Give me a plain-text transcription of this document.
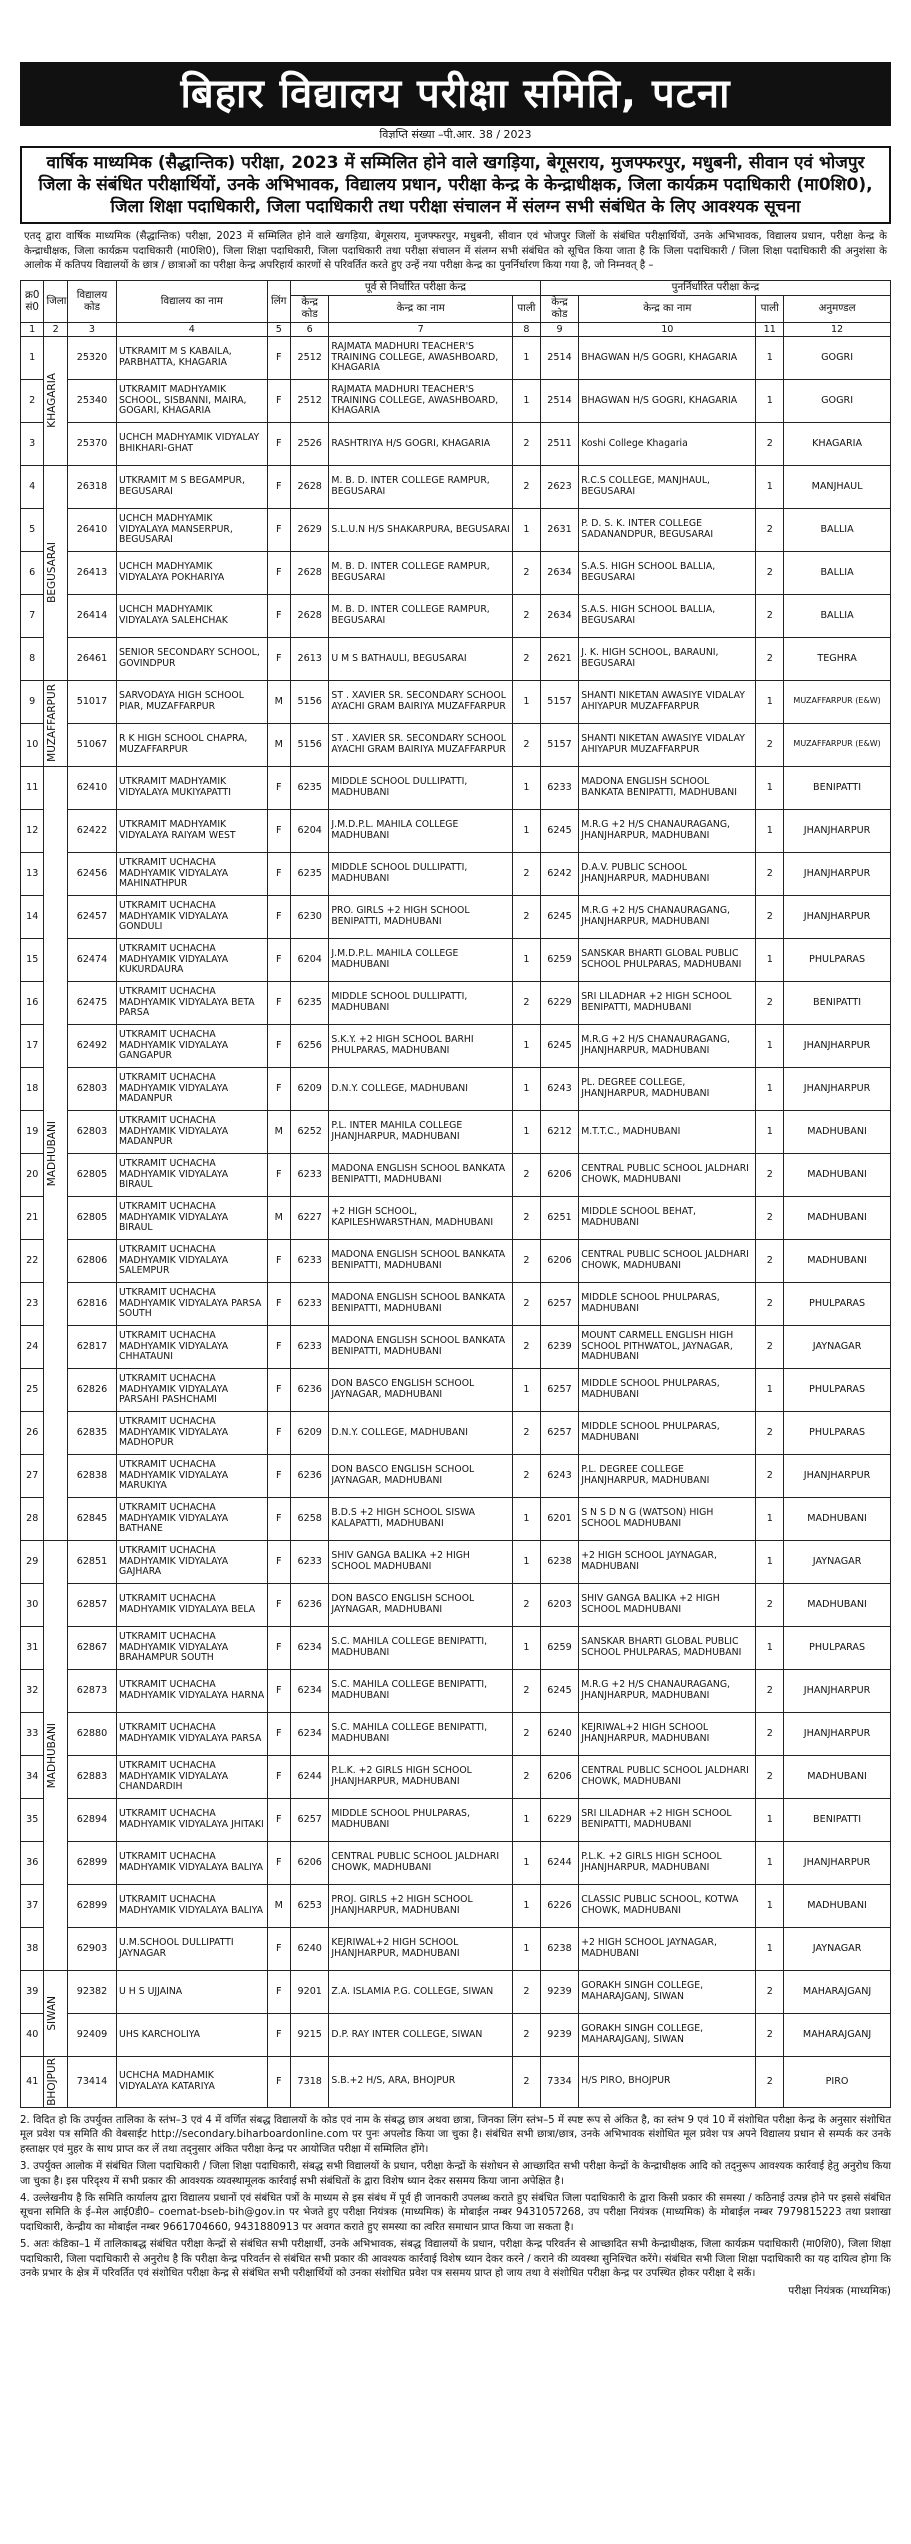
बिहार विद्यालय परीक्षा समिति, पटना
विज्ञप्ति संख्या –पी.आर. 38 / 2023
वार्षिक माध्यमिक (सैद्धान्तिक) परीक्षा, 2023 में सम्मिलित होने वाले खगड़िया, बेगूसराय, मुजफ्फरपुर, मधुबनी, सीवान एवं भोजपुर जिला के संबंधित परीक्षार्थियों, उनके अभिभावक, विद्यालय प्रधान, परीक्षा केन्द्र के केन्द्राधीक्षक, जिला कार्यक्रम पदाधिकारी (मा0शि0), जिला शिक्षा पदाधिकारी, जिला पदाधिकारी तथा परीक्षा संचालन में संलग्न सभी संबंधित के लिए आवश्यक सूचना
एतद् द्वारा वार्षिक माध्यमिक (सैद्धान्तिक) परीक्षा, 2023 में सम्मिलित होने वाले खगड़िया, बेगूसराय, मुजफ्फरपुर, मधुबनी, सीवान एवं भोजपुर जिलों के संबंधित परीक्षार्थियों, उनके अभिभावक, विद्यालय प्रधान, परीक्षा केन्द्र के केन्द्राधीक्षक, जिला कार्यक्रम पदाधिकारी (मा0शि0), जिला शिक्षा पदाधिकारी, जिला पदाधिकारी तथा परीक्षा संचालन में संलग्न सभी संबंधित को सूचित किया जाता है कि जिला पदाधिकारी / जिला शिक्षा पदाधिकारी की अनुशंसा के आलोक में कतिपय विद्यालयों के छात्र / छात्राओं का परीक्षा केन्द्र अपरिहार्य कारणों से परिवर्तित करते हुए उन्हें नया परीक्षा केन्द्र का पुनर्निर्धारण किया गया है, जो निम्नवत् है –
क्र0 सं0	जिला	विद्यालय कोड	विद्यालय का नाम	लिंग	पूर्व से निर्धारित परीक्षा केन्द्र			पुनर्निर्धारित परीक्षा केन्द्र			
					केन्द्र कोड	केन्द्र का नाम	पाली	केन्द्र कोड	केन्द्र का नाम	पाली	अनुमण्डल
1	2	3	4	5	6	7	8	9	10	11	12
1	KHAGARIA	25320	UTKRAMIT M S KABAILA, PARBHATTA, KHAGARIA	F	2512	RAJMATA MADHURI TEACHER'S TRAINING COLLEGE, AWASHBOARD, KHAGARIA	1	2514	BHAGWAN H/S GOGRI, KHAGARIA	1	GOGRI
2		25340	UTKRAMIT MADHYAMIK SCHOOL, SISBANNI, MAIRA, GOGARI, KHAGARIA	F	2512	RAJMATA MADHURI TEACHER'S TRAINING COLLEGE, AWASHBOARD, KHAGARIA	1	2514	BHAGWAN H/S GOGRI, KHAGARIA	1	GOGRI
3		25370	UCHCH MADHYAMIK VIDYALAY BHIKHARI-GHAT	F	2526	RASHTRIYA H/S GOGRI, KHAGARIA	2	2511	Koshi College Khagaria	2	KHAGARIA
4	BEGUSARAI	26318	UTKRAMIT M S BEGAMPUR, BEGUSARAI	F	2628	M. B. D. INTER COLLEGE RAMPUR, BEGUSARAI	2	2623	R.C.S COLLEGE, MANJHAUL, BEGUSARAI	1	MANJHAUL
5		26410	UCHCH MADHYAMIK VIDYALAYA MANSERPUR, BEGUSARAI	F	2629	S.L.U.N H/S SHAKARPURA, BEGUSARAI	1	2631	P. D. S. K. INTER COLLEGE SADANANDPUR, BEGUSARAI	2	BALLIA
6		26413	UCHCH MADHYAMIK VIDYALAYA POKHARIYA	F	2628	M. B. D. INTER COLLEGE RAMPUR, BEGUSARAI	2	2634	S.A.S. HIGH SCHOOL BALLIA, BEGUSARAI	2	BALLIA
7		26414	UCHCH MADHYAMIK VIDYALAYA SALEHCHAK	F	2628	M. B. D. INTER COLLEGE RAMPUR, BEGUSARAI	2	2634	S.A.S. HIGH SCHOOL BALLIA, BEGUSARAI	2	BALLIA
8		26461	SENIOR SECONDARY SCHOOL, GOVINDPUR	F	2613	U M S BATHAULI, BEGUSARAI	2	2621	J. K. HIGH SCHOOL, BARAUNI, BEGUSARAI	2	TEGHRA
9	MUZAFFARPUR	51017	SARVODAYA HIGH SCHOOL PIAR, MUZAFFARPUR	M	5156	ST . XAVIER SR. SECONDARY SCHOOL AYACHI GRAM BAIRIYA MUZAFFARPUR	1	5157	SHANTI NIKETAN AWASIYE VIDALAY AHIYAPUR MUZAFFARPUR	1	MUZAFFARPUR (E&W)
10		51067	R K HIGH SCHOOL CHAPRA, MUZAFFARPUR	M	5156	ST . XAVIER SR. SECONDARY SCHOOL AYACHI GRAM BAIRIYA MUZAFFARPUR	2	5157	SHANTI NIKETAN AWASIYE VIDALAY AHIYAPUR MUZAFFARPUR	2	MUZAFFARPUR (E&W)
11	MADHUBANI	62410	UTKRAMIT MADHYAMIK VIDYALAYA MUKIYAPATTI	F	6235	MIDDLE SCHOOL DULLIPATTI, MADHUBANI	1	6233	MADONA ENGLISH SCHOOL BANKATA BENIPATTI, MADHUBANI	1	BENIPATTI
12		62422	UTKRAMIT MADHYAMIK VIDYALAYA RAIYAM WEST	F	6204	J.M.D.P.L. MAHILA COLLEGE MADHUBANI	1	6245	M.R.G +2 H/S CHANAURAGANG, JHANJHARPUR, MADHUBANI	1	JHANJHARPUR
13		62456	UTKRAMIT UCHACHA MADHYAMIK VIDYALAYA MAHINATHPUR	F	6235	MIDDLE SCHOOL DULLIPATTI, MADHUBANI	2	6242	D.A.V. PUBLIC SCHOOL JHANJHARPUR, MADHUBANI	2	JHANJHARPUR
14		62457	UTKRAMIT UCHACHA MADHYAMIK VIDYALAYA GONDULI	F	6230	PRO. GIRLS +2 HIGH SCHOOL BENIPATTI, MADHUBANI	2	6245	M.R.G +2 H/S CHANAURAGANG, JHANJHARPUR, MADHUBANI	2	JHANJHARPUR
15		62474	UTKRAMIT UCHACHA MADHYAMIK VIDYALAYA KUKURDAURA	F	6204	J.M.D.P.L. MAHILA COLLEGE MADHUBANI	1	6259	SANSKAR BHARTI GLOBAL PUBLIC SCHOOL PHULPARAS, MADHUBANI	1	PHULPARAS
16		62475	UTKRAMIT UCHACHA MADHYAMIK VIDYALAYA BETA PARSA	F	6235	MIDDLE SCHOOL DULLIPATTI, MADHUBANI	2	6229	SRI LILADHAR +2 HIGH SCHOOL BENIPATTI, MADHUBANI	2	BENIPATTI
17		62492	UTKRAMIT UCHACHA MADHYAMIK VIDYALAYA GANGAPUR	F	6256	S.K.Y. +2 HIGH SCHOOL BARHI PHULPARAS, MADHUBANI	1	6245	M.R.G +2 H/S CHANAURAGANG, JHANJHARPUR, MADHUBANI	1	JHANJHARPUR
18		62803	UTKRAMIT UCHACHA MADHYAMIK VIDYALAYA MADANPUR	F	6209	D.N.Y. COLLEGE, MADHUBANI	1	6243	PL. DEGREE COLLEGE, JHANJHARPUR, MADHUBANI	1	JHANJHARPUR
19		62803	UTKRAMIT UCHACHA MADHYAMIK VIDYALAYA MADANPUR	M	6252	P.L. INTER MAHILA COLLEGE JHANJHARPUR, MADHUBANI	1	6212	M.T.T.C., MADHUBANI	1	MADHUBANI
20		62805	UTKRAMIT UCHACHA MADHYAMIK VIDYALAYA BIRAUL	F	6233	MADONA ENGLISH SCHOOL BANKATA BENIPATTI, MADHUBANI	2	6206	CENTRAL PUBLIC SCHOOL JALDHARI CHOWK, MADHUBANI	2	MADHUBANI
21		62805	UTKRAMIT UCHACHA MADHYAMIK VIDYALAYA BIRAUL	M	6227	+2 HIGH SCHOOL, KAPILESHWARSTHAN, MADHUBANI	2	6251	MIDDLE SCHOOL BEHAT, MADHUBANI	2	MADHUBANI
22		62806	UTKRAMIT UCHACHA MADHYAMIK VIDYALAYA SALEMPUR	F	6233	MADONA ENGLISH SCHOOL BANKATA BENIPATTI, MADHUBANI	2	6206	CENTRAL PUBLIC SCHOOL JALDHARI CHOWK, MADHUBANI	2	MADHUBANI
23		62816	UTKRAMIT UCHACHA MADHYAMIK VIDYALAYA PARSA SOUTH	F	6233	MADONA ENGLISH SCHOOL BANKATA BENIPATTI, MADHUBANI	2	6257	MIDDLE SCHOOL PHULPARAS, MADHUBANI	2	PHULPARAS
24		62817	UTKRAMIT UCHACHA MADHYAMIK VIDYALAYA CHHATAUNI	F	6233	MADONA ENGLISH SCHOOL BANKATA BENIPATTI, MADHUBANI	2	6239	MOUNT CARMELL ENGLISH HIGH SCHOOL PITHWATOL, JAYNAGAR, MADHUBANI	2	JAYNAGAR
25		62826	UTKRAMIT UCHACHA MADHYAMIK VIDYALAYA PARSAHI PASHCHAMI	F	6236	DON BASCO ENGLISH SCHOOL JAYNAGAR, MADHUBANI	1	6257	MIDDLE SCHOOL PHULPARAS, MADHUBANI	1	PHULPARAS
26		62835	UTKRAMIT UCHACHA MADHYAMIK VIDYALAYA MADHOPUR	F	6209	D.N.Y. COLLEGE, MADHUBANI	2	6257	MIDDLE SCHOOL PHULPARAS, MADHUBANI	2	PHULPARAS
27		62838	UTKRAMIT UCHACHA MADHYAMIK VIDYALAYA MARUKIYA	F	6236	DON BASCO ENGLISH SCHOOL JAYNAGAR, MADHUBANI	2	6243	P.L. DEGREE COLLEGE JHANJHARPUR, MADHUBANI	2	JHANJHARPUR
28		62845	UTKRAMIT UCHACHA MADHYAMIK VIDYALAYA BATHANE	F	6258	B.D.S +2 HIGH SCHOOL SISWA KALAPATTI, MADHUBANI	1	6201	S N S D N G (WATSON) HIGH SCHOOL MADHUBANI	1	MADHUBANI
29	MADHUBANI	62851	UTKRAMIT UCHACHA MADHYAMIK VIDYALAYA GAJHARA	F	6233	SHIV GANGA BALIKA +2 HIGH SCHOOL MADHUBANI	1	6238	+2 HIGH SCHOOL JAYNAGAR, MADHUBANI	1	JAYNAGAR
30		62857	UTKRAMIT UCHACHA MADHYAMIK VIDYALAYA BELA	F	6236	DON BASCO ENGLISH SCHOOL JAYNAGAR, MADHUBANI	2	6203	SHIV GANGA BALIKA +2 HIGH SCHOOL MADHUBANI	2	MADHUBANI
31		62867	UTKRAMIT UCHACHA MADHYAMIK VIDYALAYA BRAHAMPUR SOUTH	F	6234	S.C. MAHILA COLLEGE BENIPATTI, MADHUBANI	1	6259	SANSKAR BHARTI GLOBAL PUBLIC SCHOOL PHULPARAS, MADHUBANI	1	PHULPARAS
32		62873	UTKRAMIT UCHACHA MADHYAMIK VIDYALAYA HARNA	F	6234	S.C. MAHILA COLLEGE BENIPATTI, MADHUBANI	2	6245	M.R.G +2 H/S CHANAURAGANG, JHANJHARPUR, MADHUBANI	2	JHANJHARPUR
33		62880	UTKRAMIT UCHACHA MADHYAMIK VIDYALAYA PARSA	F	6234	S.C. MAHILA COLLEGE BENIPATTI, MADHUBANI	2	6240	KEJRIWAL+2 HIGH SCHOOL JHANJHARPUR, MADHUBANI	2	JHANJHARPUR
34		62883	UTKRAMIT UCHACHA MADHYAMIK VIDYALAYA CHANDARDIH	F	6244	P.L.K. +2 GIRLS HIGH SCHOOL JHANJHARPUR, MADHUBANI	2	6206	CENTRAL PUBLIC SCHOOL JALDHARI CHOWK, MADHUBANI	2	MADHUBANI
35		62894	UTKRAMIT UCHACHA MADHYAMIK VIDYALAYA JHITAKI	F	6257	MIDDLE SCHOOL PHULPARAS, MADHUBANI	1	6229	SRI LILADHAR +2 HIGH SCHOOL BENIPATTI, MADHUBANI	1	BENIPATTI
36		62899	UTKRAMIT UCHACHA MADHYAMIK VIDYALAYA BALIYA	F	6206	CENTRAL PUBLIC SCHOOL JALDHARI CHOWK, MADHUBANI	1	6244	P.L.K. +2 GIRLS HIGH SCHOOL JHANJHARPUR, MADHUBANI	1	JHANJHARPUR
37		62899	UTKRAMIT UCHACHA MADHYAMIK VIDYALAYA BALIYA	M	6253	PROJ. GIRLS +2 HIGH SCHOOL JHANJHARPUR, MADHUBANI	1	6226	CLASSIC PUBLIC SCHOOL, KOTWA CHOWK, MADHUBANI	1	MADHUBANI
38		62903	U.M.SCHOOL DULLIPATTI JAYNAGAR	F	6240	KEJRIWAL+2 HIGH SCHOOL JHANJHARPUR, MADHUBANI	1	6238	+2 HIGH SCHOOL JAYNAGAR, MADHUBANI	1	JAYNAGAR
39	SIWAN	92382	U H S UJJAINA	F	9201	Z.A. ISLAMIA P.G. COLLEGE, SIWAN	2	9239	GORAKH SINGH COLLEGE, MAHARAJGANJ, SIWAN	2	MAHARAJGANJ
40		92409	UHS KARCHOLIYA	F	9215	D.P. RAY INTER COLLEGE, SIWAN	2	9239	GORAKH SINGH COLLEGE, MAHARAJGANJ, SIWAN	2	MAHARAJGANJ
41	BHOJPUR	73414	UCHCHA MADHAMIK VIDYALAYA KATARIYA	F	7318	S.B.+2 H/S, ARA, BHOJPUR	2	7334	H/S PIRO, BHOJPUR	2	PIRO

2. विदित हो कि उपर्युक्त तालिका के स्तंभ–3 एवं 4 में वर्णित संबद्ध विद्यालयों के कोड एवं नाम के संबद्ध छात्र अथवा छात्रा, जिनका लिंग स्तंभ–5 में स्पष्ट रूप से अंकित है, का स्तंभ 9 एवं 10 में संशोधित परीक्षा केन्द्र के अनुसार संशोधित मूल प्रवेश पत्र समिति की वेबसाईट http://secondary.biharboardonline.com पर पुनः अपलोड किया जा चुका है। संबंधित सभी छात्रा/छात्र, उनके अभिभावक संशोधित मूल प्रवेश पत्र अपने विद्यालय प्रधान से सम्पर्क कर उनके हस्ताक्षर एवं मुहर के साथ प्राप्त कर लें तथा तद्नुसार अंकित परीक्षा केन्द्र पर आयोजित परीक्षा में सम्मिलित होंगे।

3. उपर्युक्त आलोक में संबंधित जिला पदाधिकारी / जिला शिक्षा पदाधिकारी, संबद्ध सभी विद्यालयों के प्रधान, परीक्षा केन्द्रों के संशोधन से आच्छादित सभी परीक्षा केन्द्रों के केन्द्राधीक्षक आदि को तद्नुरूप आवश्यक कार्रवाई हेतु अनुरोध किया जा चुका है। इस परिदृश्य में सभी प्रकार की आवश्यक व्यवस्थामूलक कार्रवाई सभी संबंधितों के द्वारा विशेष ध्यान देकर ससमय किया जाना अपेक्षित है।

4. उल्लेखनीय है कि समिति कार्यालय द्वारा विद्यालय प्रधानों एवं संबंधित पत्रों के माध्यम से इस संबंध में पूर्व ही जानकारी उपलब्ध कराते हुए संबंधित जिला पदाधिकारी के द्वारा किसी प्रकार की समस्या / कठिनाई उत्पन्न होने पर इससे संबंधित सूचना समिति के ई–मेल आई0डी0– coemat-bseb-bih@gov.in पर भेजते हुए परीक्षा नियंत्रक (माध्यमिक) के मोबाईल नम्बर 9431057268, उप परीक्षा नियंत्रक (माध्यमिक) के मोबाईल नम्बर 7979815223 तथा प्रशाखा पदाधिकारी, केन्द्रीय का मोबाईल नम्बर 9661704660, 9431880913 पर अवगत कराते हुए समस्या का त्वरित समाधान प्राप्त किया जा सकता है।

5. अतः कंडिका–1 में तालिकाबद्ध संबंधित परीक्षा केन्द्रों से संबंधित सभी परीक्षार्थी, उनके अभिभावक, संबद्ध विद्यालयों के प्रधान, परीक्षा केन्द्र परिवर्तन से आच्छादित सभी केन्द्राधीक्षक, जिला कार्यक्रम पदाधिकारी (मा0शि0), जिला शिक्षा पदाधिकारी, जिला पदाधिकारी से अनुरोध है कि परीक्षा केन्द्र परिवर्तन से संबंधित सभी प्रकार की आवश्यक कार्रवाई विशेष ध्यान देकर करने / कराने की व्यवस्था सुनिश्चित करेंगे। संबंधित सभी जिला शिक्षा पदाधिकारी का यह दायित्व होगा कि उनके प्रभार के क्षेत्र में परिवर्तित एवं संशोधित परीक्षा केन्द्र से संबंधित सभी परीक्षार्थियों को उनका संशोधित प्रवेश पत्र ससमय प्राप्त हो जाय तथा वे संशोधित परीक्षा केन्द्र पर उपस्थित होकर परीक्षा दे सकें।

परीक्षा नियंत्रक (माध्यमिक)
